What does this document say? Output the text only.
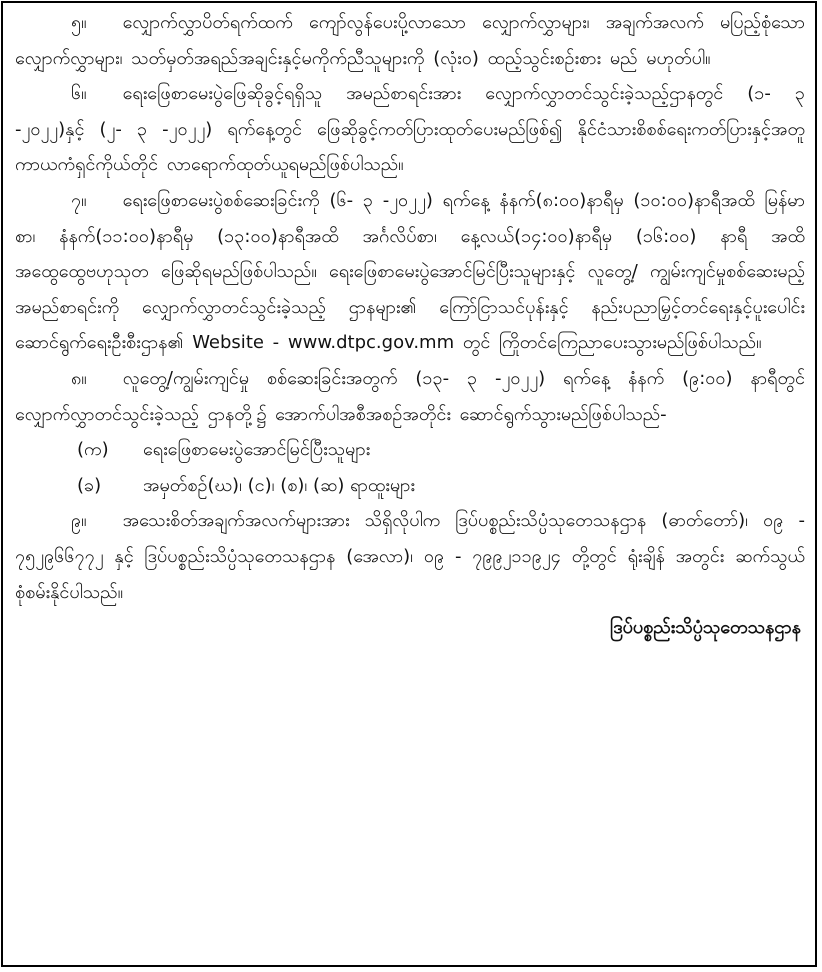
၅။ လျှောက်လွှာပိတ်ရက်ထက် ကျော်လွန်ပေးပို့လာသော လျှောက်လွှာများ၊ အချက်အလက် မပြည့်စုံသောလျှောက်လွှာများ၊ သတ်မှတ်အရည်အချင်းနှင့်မကိုက်ညီသူများကို (လုံး၀) ထည့်သွင်းစဉ်းစား မည် မဟုတ်ပါ။

၆။ ရေးဖြေစာမေးပွဲဖြေဆိုခွင့်ရရှိသူ အမည်စာရင်းအား လျှောက်လွှာတင်သွင်းခဲ့သည့်ဌာနတွင် (၁- ၃ -၂၀၂၂)နှင့် (၂- ၃ -၂၀၂၂) ရက်နေ့တွင် ဖြေဆိုခွင့်ကတ်ပြားထုတ်ပေးမည်ဖြစ်၍ နိုင်ငံသားစိစစ်ရေးကတ်ပြားနှင့်အတူ ကာယကံရှင်ကိုယ်တိုင် လာရောက်ထုတ်ယူရမည်ဖြစ်ပါသည်။

၇။ ရေးဖြေစာမေးပွဲစစ်ဆေးခြင်းကို (၆- ၃ -၂၀၂၂) ရက်နေ့ နံနက်(၈:၀၀)နာရီမှ (၁၀:၀၀)နာရီအထိ မြန်မာစာ၊ နံနက်(၁၁:၀၀)နာရီမှ (၁၃:၀၀)နာရီအထိ အင်္ဂလိပ်စာ၊ နေ့လယ်(၁၄:၀၀)နာရီမှ (၁၆:၀၀) နာရီ အထိ အထွေထွေဗဟုသုတ ဖြေဆိုရမည်ဖြစ်ပါသည်။ ရေးဖြေစာမေးပွဲအောင်မြင်ပြီးသူများနှင့် လူတွေ့/ ကျွမ်းကျင်မှုစစ်ဆေးမည့် အမည်စာရင်းကို လျှောက်လွှာတင်သွင်းခဲ့သည့် ဌာနများ၏ ကြော်ငြာသင်ပုန်းနှင့် နည်းပညာမြှင့်တင်ရေးနှင့်ပူးပေါင်းဆောင်ရွက်ရေးဦးစီးဌာန၏ Website - www.dtpc.gov.mm တွင် ကြိုတင်ကြေညာပေးသွားမည်ဖြစ်ပါသည်။

၈။ လူတွေ့/ကျွမ်းကျင်မှု စစ်ဆေးခြင်းအတွက် (၁၃- ၃ -၂၀၂၂) ရက်နေ့ နံနက် (၉:၀၀) နာရီတွင် လျှောက်လွှာတင်သွင်းခဲ့သည့် ဌာနတို့၌ အောက်ပါအစီအစဉ်အတိုင်း ဆောင်ရွက်သွားမည်ဖြစ်ပါသည်-

(က)	ရေးဖြေစာမေးပွဲအောင်မြင်ပြီးသူများ

(ခ)	အမှတ်စဉ်(ဃ)၊ (င)၊ (စ)၊ (ဆ) ရာထူးများ

၉။ အသေးစိတ်အချက်အလက်များအား သိရှိလိုပါက ဒြပ်ပစ္စည်းသိပ္ပံသုတေသနဌာန (ဓာတ်တော်)၊ ၀၉ - ၇၅၂၉၆၆၇၇၂ နှင့် ဒြပ်ပစ္စည်းသိပ္ပံသုတေသနဌာန (အေလာ)၊ ၀၉ - ၇၉၉၂၁၁၉၂၄ တို့တွင် ရုံးချိန် အတွင်း ဆက်သွယ်စုံစမ်းနိုင်ပါသည်။

ဒြပ်ပစ္စည်းသိပ္ပံသုတေသနဌာန
